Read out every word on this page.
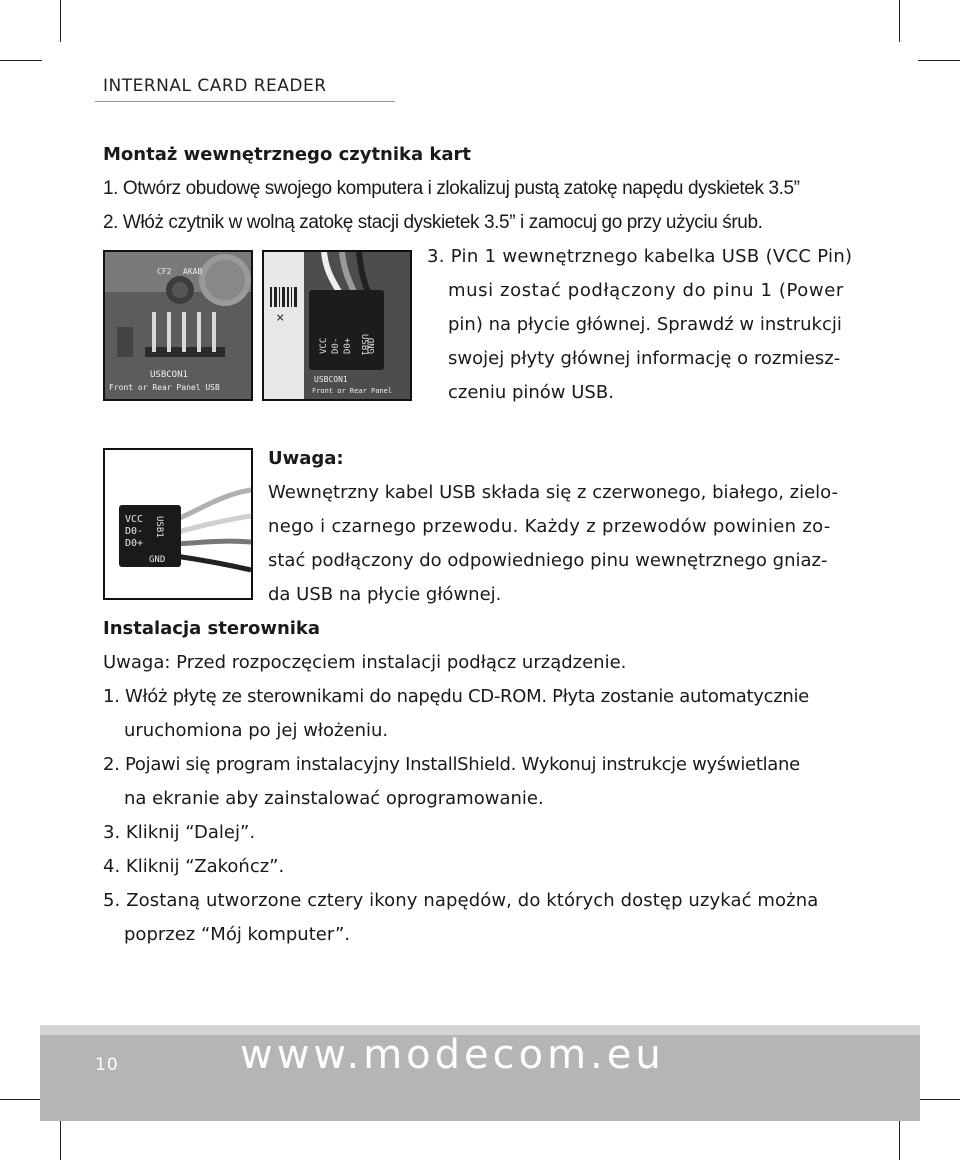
INTERNAL CARD READER
Montaż wewnętrznego czytnika kart
1. Otwórz obudowę swojego komputera i zlokalizuj pustą zatokę napędu dyskietek 3.5”
2. Włóż czytnik w wolną zatokę stacji dyskietek 3.5” i zamocuj go przy użyciu śrub.
CF2 AKAB
USBCON1
Front or Rear Panel USB
×
VCC D0- D0+ USB1
GND
USBCON1
Front or Rear Panel
3. Pin 1 wewnętrznego kabelka USB (VCC Pin)
musi zostać podłączony do pinu 1 (Power
pin) na płycie głównej. Sprawdź w instrukcji
swojej płyty głównej informację o rozmiesz-
czeniu pinów USB.
VCC
D0-
D0+
USB1
GND
Uwaga:
Wewnętrzny kabel USB składa się z czerwonego, białego, zielo-
nego i czarnego przewodu. Każdy z przewodów powinien zo-
stać podłączony do odpowiedniego pinu wewnętrznego gniaz-
da USB na płycie głównej.
Instalacja sterownika
Uwaga: Przed rozpoczęciem instalacji podłącz urządzenie.
1. Włóż płytę ze sterownikami do napędu CD-ROM. Płyta zostanie automatycznie
uruchomiona po jej włożeniu.
2. Pojawi się program instalacyjny InstallShield. Wykonuj instrukcje wyświetlane
na ekranie aby zainstalować oprogramowanie.
3. Kliknij “Dalej”.
4. Kliknij “Zakończ”.
5. Zostaną utworzone cztery ikony napędów, do których dostęp uzykać można
poprzez “Mój komputer”.
10	www.modecom.eu
